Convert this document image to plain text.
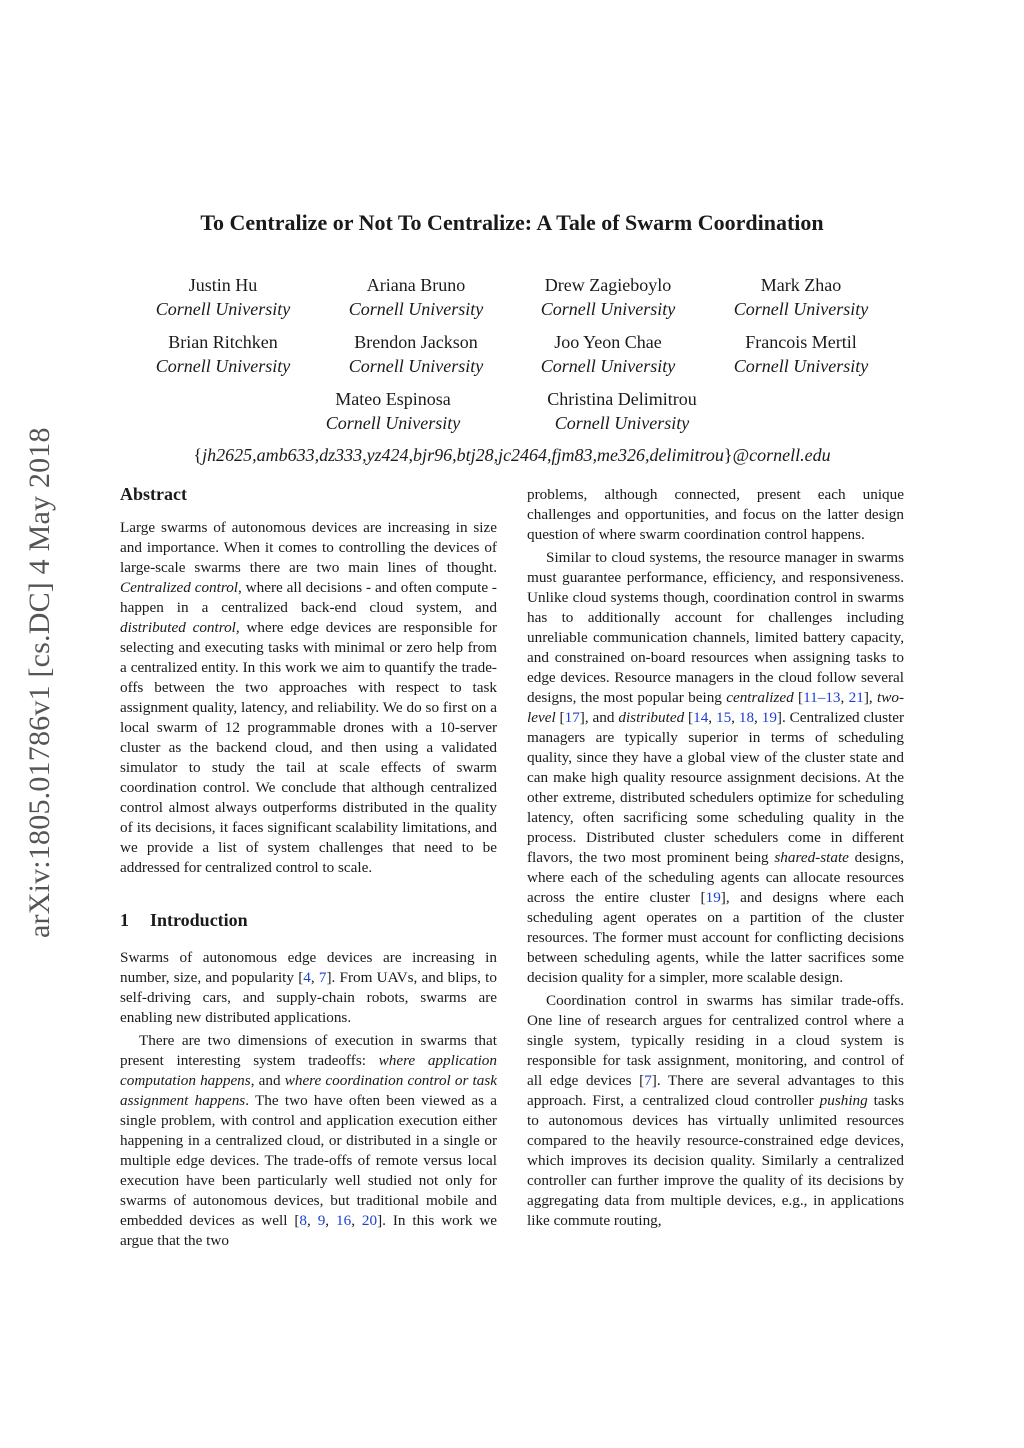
arXiv:1805.01786v1 [cs.DC] 4 May 2018
To Centralize or Not To Centralize: A Tale of Swarm Coordination
Justin Hu
Cornell University
Ariana Bruno
Cornell University
Drew Zagieboylo
Cornell University
Mark Zhao
Cornell University
Brian Ritchken
Cornell University
Brendon Jackson
Cornell University
Joo Yeon Chae
Cornell University
Francois Mertil
Cornell University
Mateo Espinosa
Cornell University
Christina Delimitrou
Cornell University
{jh2625,amb633,dz333,yz424,bjr96,btj28,jc2464,fjm83,me326,delimitrou}@cornell.edu
Abstract

Large swarms of autonomous devices are increasing in size and importance. When it comes to controlling the devices of large-scale swarms there are two main lines of thought. Centralized control, where all decisions - and often compute - happen in a centralized back-end cloud system, and distributed control, where edge devices are responsible for selecting and executing tasks with minimal or zero help from a centralized entity. In this work we aim to quantify the trade-offs between the two approaches with respect to task assignment quality, latency, and reliability. We do so first on a local swarm of 12 programmable drones with a 10-server cluster as the backend cloud, and then using a validated simulator to study the tail at scale effects of swarm coordination control. We conclude that although centralized control almost always outperforms distributed in the quality of its decisions, it faces significant scalability limitations, and we provide a list of system challenges that need to be addressed for centralized control to scale.

1 Introduction

Swarms of autonomous edge devices are increasing in number, size, and popularity [4, 7]. From UAVs, and blips, to self-driving cars, and supply-chain robots, swarms are enabling new distributed applications.

There are two dimensions of execution in swarms that present interesting system tradeoffs: where application computation happens, and where coordination control or task assignment happens. The two have often been viewed as a single problem, with control and application execution either happening in a centralized cloud, or distributed in a single or multiple edge devices. The trade-offs of remote versus local execution have been particularly well studied not only for swarms of autonomous devices, but traditional mobile and embedded devices as well [8, 9, 16, 20]. In this work we argue that the two

problems, although connected, present each unique challenges and opportunities, and focus on the latter design question of where swarm coordination control happens.

Similar to cloud systems, the resource manager in swarms must guarantee performance, efficiency, and responsiveness. Unlike cloud systems though, coordination control in swarms has to additionally account for challenges including unreliable communication channels, limited battery capacity, and constrained on-board resources when assigning tasks to edge devices. Resource managers in the cloud follow several designs, the most popular being centralized [11–13, 21], two-level [17], and distributed [14, 15, 18, 19]. Centralized cluster managers are typically superior in terms of scheduling quality, since they have a global view of the cluster state and can make high quality resource assignment decisions. At the other extreme, distributed schedulers optimize for scheduling latency, often sacrificing some scheduling quality in the process. Distributed cluster schedulers come in different flavors, the two most prominent being shared-state designs, where each of the scheduling agents can allocate resources across the entire cluster [19], and designs where each scheduling agent operates on a partition of the cluster resources. The former must account for conflicting decisions between scheduling agents, while the latter sacrifices some decision quality for a simpler, more scalable design.

Coordination control in swarms has similar trade-offs. One line of research argues for centralized control where a single system, typically residing in a cloud system is responsible for task assignment, monitoring, and control of all edge devices [7]. There are several advantages to this approach. First, a centralized cloud controller pushing tasks to autonomous devices has virtually unlimited resources compared to the heavily resource-constrained edge devices, which improves its decision quality. Similarly a centralized controller can further improve the quality of its decisions by aggregating data from multiple devices, e.g., in applications like commute routing,
